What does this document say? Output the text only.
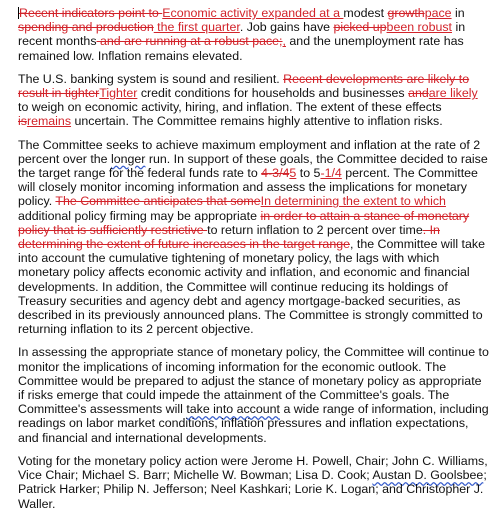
Recent indicators point to Economic activity expanded at a modest growthpace in spending and production the first quarter. Job gains have picked upbeen robust in recent months and are running at a robust pace;, and the unemployment rate has remained low. Inflation remains elevated.

The U.S. banking system is sound and resilient. Recent developments are likely to result in tighterTighter credit conditions for households and businesses andare likely to weigh on economic activity, hiring, and inflation. The extent of these effects isremains uncertain. The Committee remains highly attentive to inflation risks.

The Committee seeks to achieve maximum employment and inflation at the rate of 2 percent over the longer run. In support of these goals, the Committee decided to raise the target range for the federal funds rate to 4-3/45 to 5-1/4 percent. The Committee will closely monitor incoming information and assess the implications for monetary policy. The Committee anticipates that someIn determining the extent to which additional policy firming may be appropriate in order to attain a stance of monetary policy that is sufficiently restrictive to return inflation to 2 percent over time. In determining the extent of future increases in the target range, the Committee will take into account the cumulative tightening of monetary policy, the lags with which monetary policy affects economic activity and inflation, and economic and financial developments. In addition, the Committee will continue reducing its holdings of Treasury securities and agency debt and agency mortgage-backed securities, as described in its previously announced plans. The Committee is strongly committed to returning inflation to its 2 percent objective.

In assessing the appropriate stance of monetary policy, the Committee will continue to monitor the implications of incoming information for the economic outlook. The Committee would be prepared to adjust the stance of monetary policy as appropriate if risks emerge that could impede the attainment of the Committee's goals. The Committee's assessments will take into account a wide range of information, including readings on labor market conditions, inflation pressures and inflation expectations, and financial and international developments.

Voting for the monetary policy action were Jerome H. Powell, Chair; John C. Williams, Vice Chair; Michael S. Barr; Michelle W. Bowman; Lisa D. Cook; Austan D. Goolsbee; Patrick Harker; Philip N. Jefferson; Neel Kashkari; Lorie K. Logan; and Christopher J. Waller.
